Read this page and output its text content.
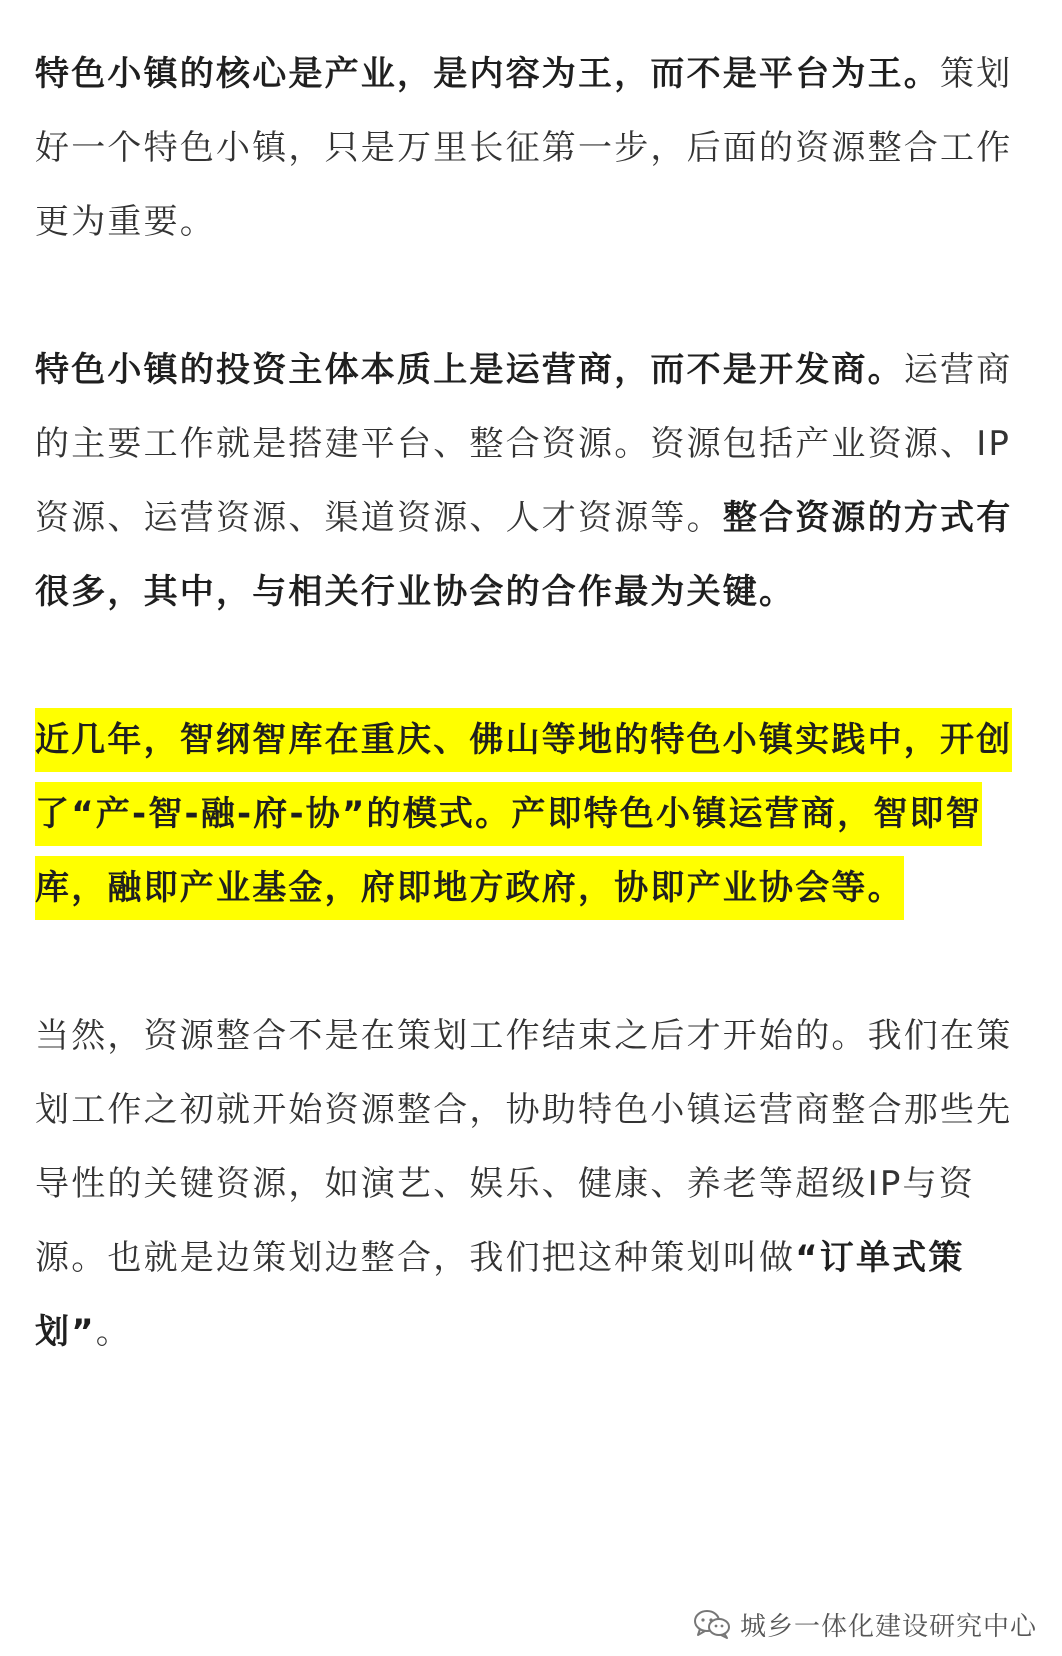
特色小镇的核心是产业，是内容为王，而不是平台为王。策划好一个特色小镇，只是万里长征第一步，后面的资源整合工作更为重要。

特色小镇的投资主体本质上是运营商，而不是开发商。运营商的主要工作就是搭建平台、整合资源。资源包括产业资源、IP资源、运营资源、渠道资源、人才资源等。整合资源的方式有很多，其中，与相关行业协会的合作最为关键。

近几年，智纲智库在重庆、佛山等地的特色小镇实践中，开创了“产-智-融-府-协”的模式。产即特色小镇运营商，智即智库，融即产业基金，府即地方政府，协即产业协会等。

当然，资源整合不是在策划工作结束之后才开始的。我们在策划工作之初就开始资源整合，协助特色小镇运营商整合那些先导性的关键资源，如演艺、娱乐、健康、养老等超级IP与资源。也就是边策划边整合，我们把这种策划叫做“订单式策划”。

城乡一体化建设研究中心
